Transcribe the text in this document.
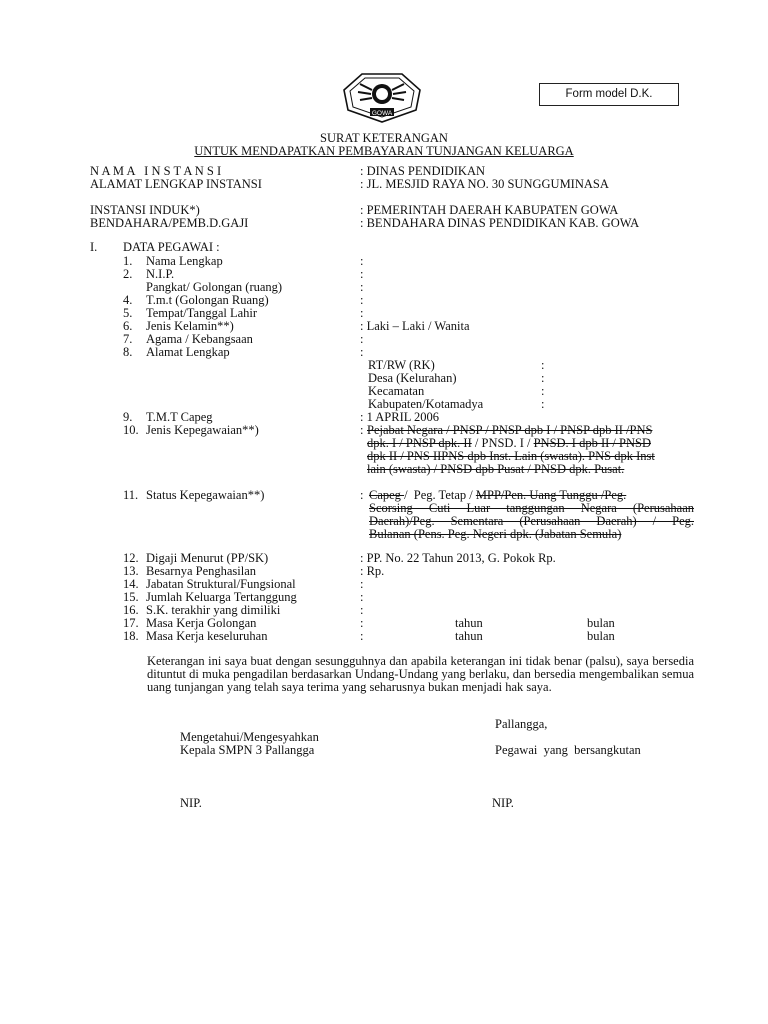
GOWA
Form model D.K.
SURAT KETERANGAN
UNTUK MENDAPATKAN PEMBAYARAN TUNJANGAN KELUARGA
N A M A   I N S T A N S I	: DINAS PENDIDIKAN
ALAMAT LENGKAP INSTANSI	: JL. MESJID RAYA NO. 30 SUNGGUMINASA
INSTANSI INDUK*)	: PEMERINTAH DAERAH KABUPATEN GOWA
BENDAHARA/PEMB.D.GAJI	: BENDAHARA DINAS PENDIDIKAN KAB. GOWA
I. DATA PEGAWAI :
1. Nama Lengkap	:
2. N.I.P.	:
Pangkat/ Golongan (ruang)	:
4. T.m.t (Golongan Ruang)	:
5. Tempat/Tanggal Lahir	:
6. Jenis Kelamin**)	: Laki – Laki / Wanita
7. Agama / Kebangsaan	:
8. Alamat Lengkap	:
RT/RW (RK)	:
Desa (Kelurahan)	:
Kecamatan	:
Kabupaten/Kotamadya	:
9. T.M.T Capeg	: 1 APRIL 2006
10. Jenis Kepegawaian**)	: Pejabat Negara / PNSP / PNSP dpb I / PNSP dpb II /PNS
dpk. I / PNSP dpk. II / PNSD. I / PNSD. I dpb II / PNSD
dpk II / PNS IIPNS dpb Inst. Lain (swasta). PNS dpk Inst
lain (swasta) / PNSD dpb Pusat / PNSD dpk. Pusat.
11. Status Kepegawaian**)	: Capeg /  Peg. Tetap / MPP/Pen. Uang Tunggu /Peg.
Scorsing Cuti Luar tanggungan Negara (Perusahaan
Daerah)/Peg. Sementara (Perusahaan Daerah) / Peg.
Bulanan (Pens. Peg. Negeri dpk. (Jabatan Semula)
12. Digaji Menurut (PP/SK)	: PP. No. 22 Tahun 2013, G. Pokok Rp.
13. Besarnya Penghasilan	: Rp.
14. Jabatan Struktural/Fungsional	:
15. Jumlah Keluarga Tertanggung	:
16. S.K. terakhir yang dimiliki	:
17. Masa Kerja Golongan	:	tahun	bulan
18. Masa Kerja keseluruhan	:	tahun	bulan
Keterangan ini saya buat dengan sesungguhnya dan apabila keterangan ini tidak benar (palsu), saya bersedia dituntut di muka pengadilan berdasarkan Undang-Undang yang berlaku, dan bersedia mengembalikan semua uang tunjangan yang telah saya terima yang seharusnya bukan menjadi hak saya.
Pallangga,
Mengetahui/Mengesyahkan
Kepala SMPN 3 Pallangga	Pegawai  yang  bersangkutan
NIP.	NIP.
